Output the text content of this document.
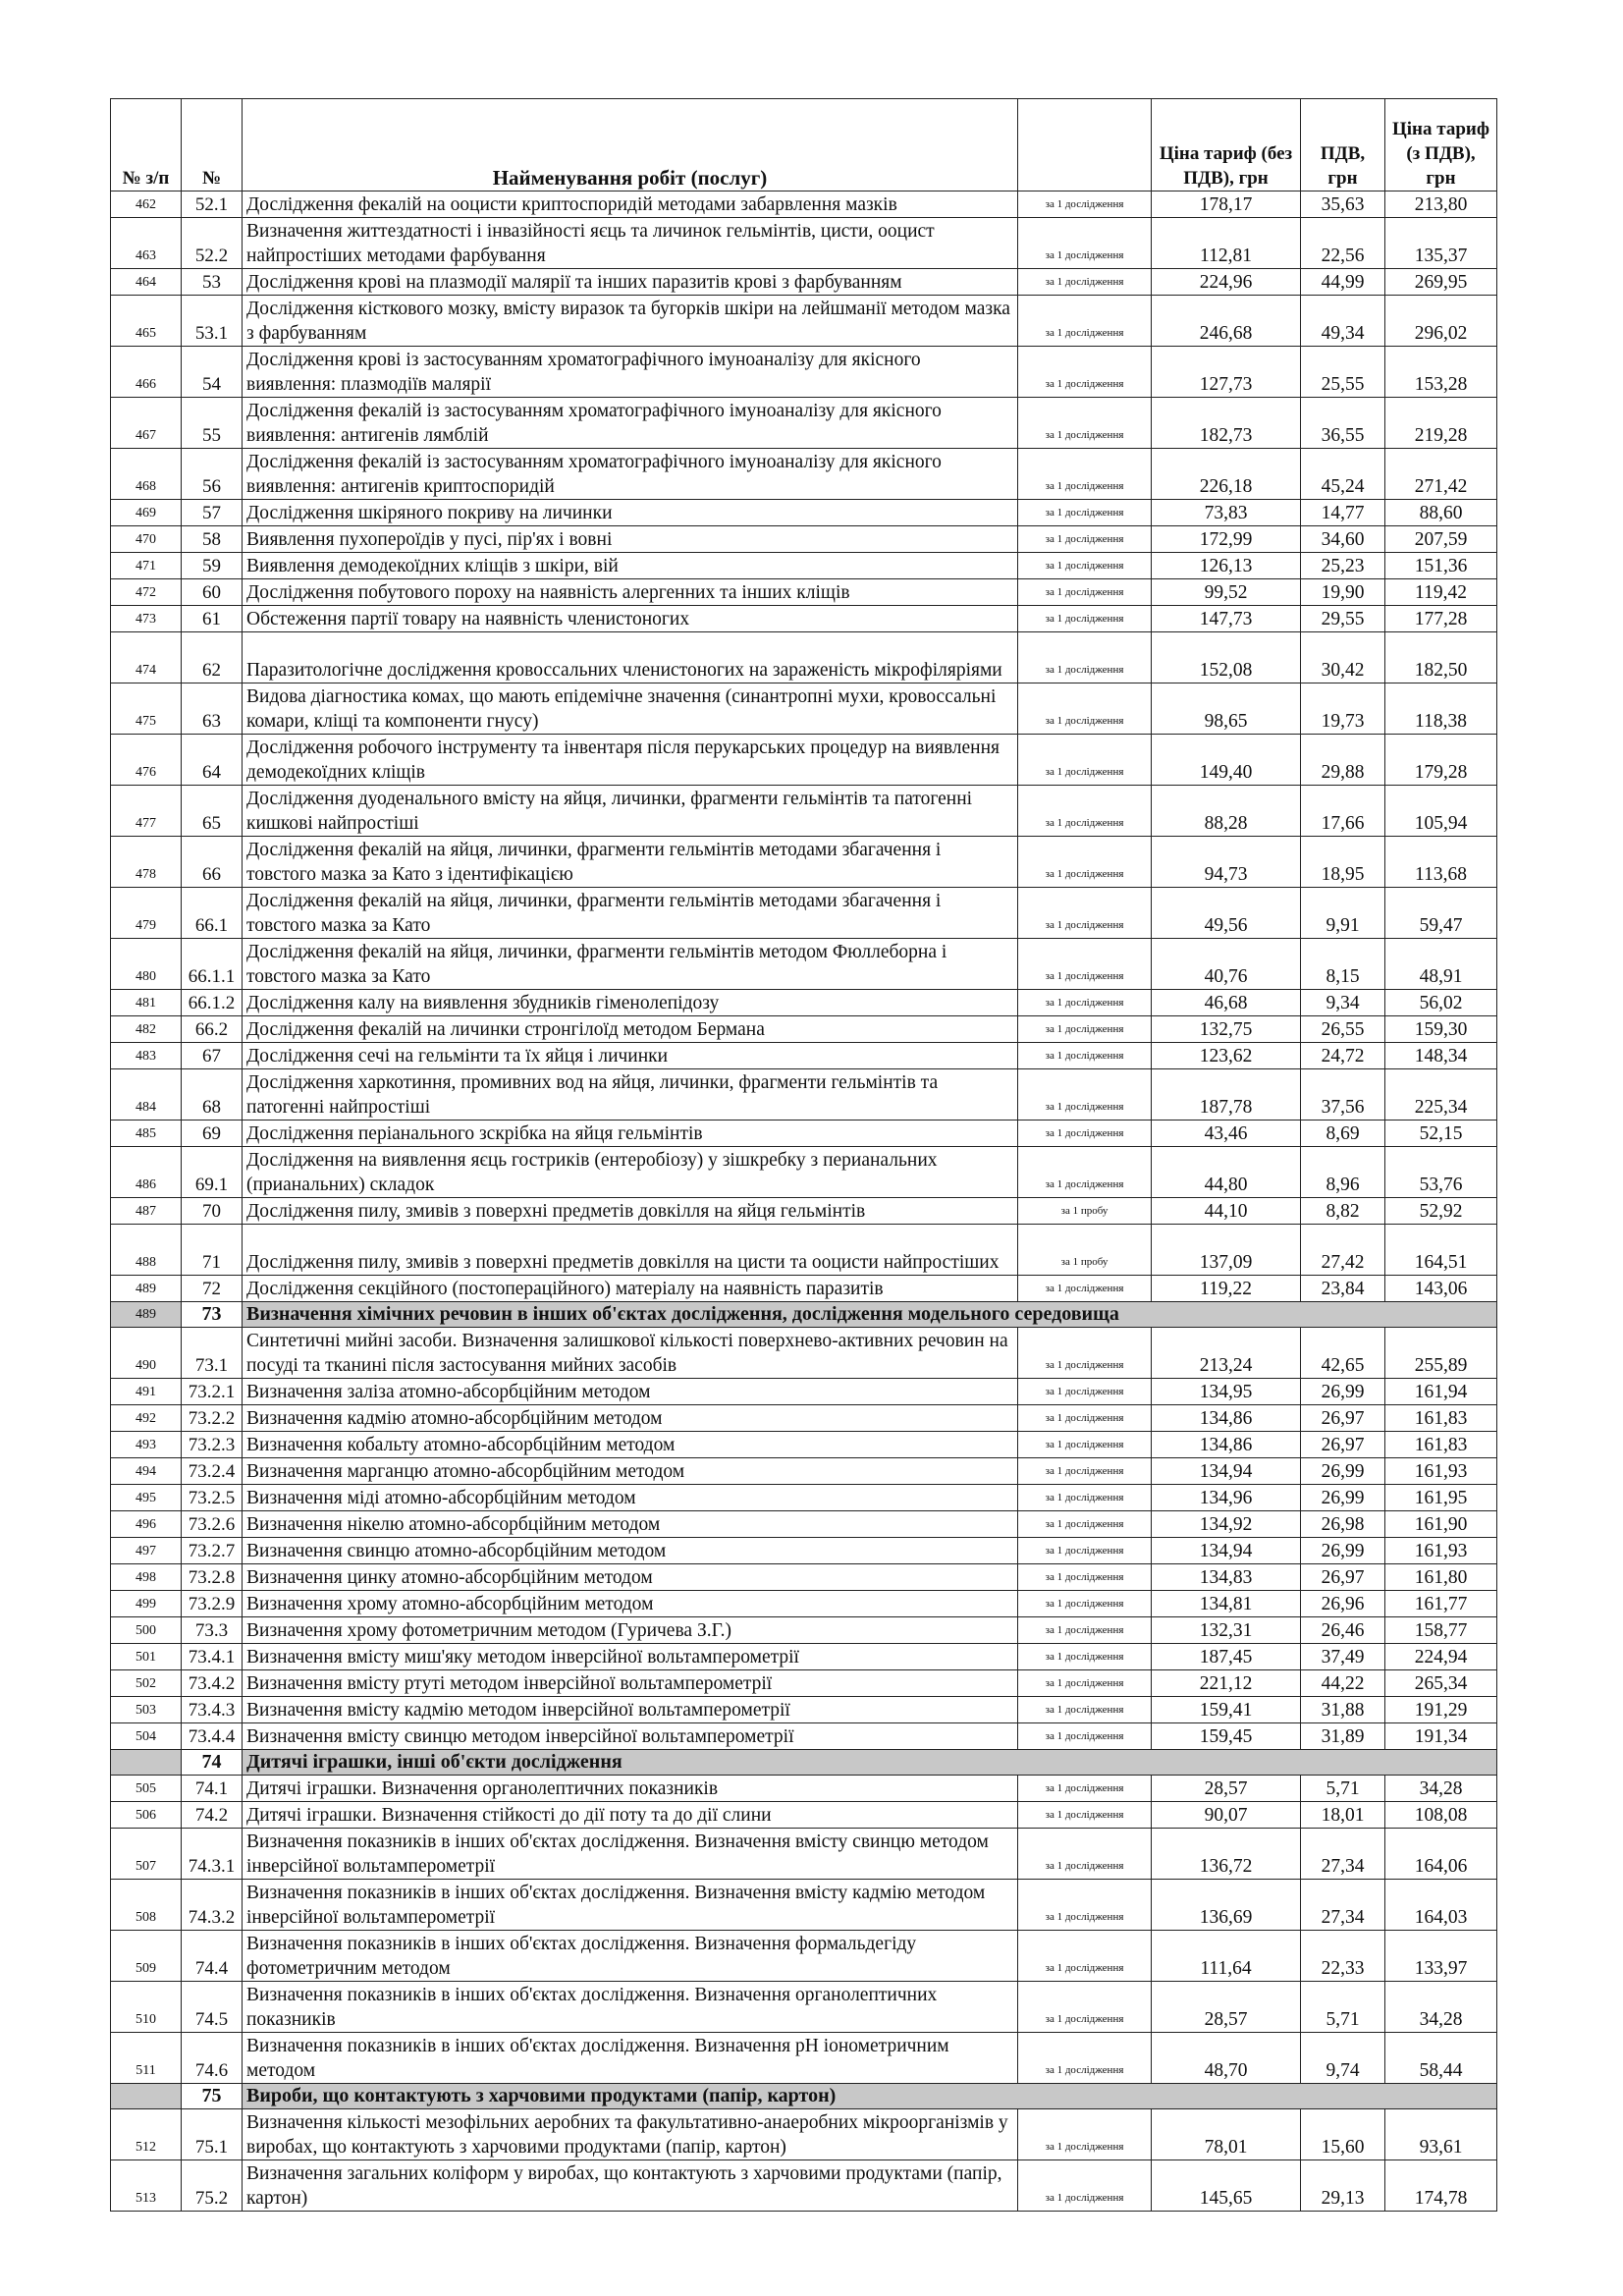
№ з/п	№	Найменування робіт (послуг)		Ціна тариф (без ПДВ), грн	ПДВ, грн	Ціна тариф (з ПДВ), грн
462	52.1	Дослідження фекалій на ооцисти криптоспоридій методами забарвлення мазків	за 1 дослідження	178,17	35,63	213,80
463	52.2	Визначення життездатності і інвазійності яєць та личинок гельмінтів, цисти, ооцист найпростіших методами фарбування	за 1 дослідження	112,81	22,56	135,37
464	53	Дослідження крові на плазмодії малярії та інших паразитів крові з фарбуванням	за 1 дослідження	224,96	44,99	269,95
465	53.1	Дослідження кісткового мозку, вмісту виразок та бугорків шкіри на лейшманії методом мазка з фарбуванням	за 1 дослідження	246,68	49,34	296,02
466	54	Дослідження крові із застосуванням хроматографічного імуноаналізу для якісного виявлення: плазмодіїв малярії	за 1 дослідження	127,73	25,55	153,28
467	55	Дослідження фекалій із застосуванням хроматографічного імуноаналізу для якісного виявлення: антигенів лямблій	за 1 дослідження	182,73	36,55	219,28
468	56	Дослідження фекалій із застосуванням хроматографічного імуноаналізу для якісного виявлення: антигенів криптоспоридій	за 1 дослідження	226,18	45,24	271,42
469	57	Дослідження шкіряного покриву на личинки	за 1 дослідження	73,83	14,77	88,60
470	58	Виявлення пухопероїдів у пусі, пір'ях і вовні	за 1 дослідження	172,99	34,60	207,59
471	59	Виявлення демодекоїдних кліщів з шкіри, вій	за 1 дослідження	126,13	25,23	151,36
472	60	Дослідження побутового пороху на наявність алергенних та інших кліщів	за 1 дослідження	99,52	19,90	119,42
473	61	Обстеження партії товару на наявність членистоногих	за 1 дослідження	147,73	29,55	177,28
474	62	Паразитологічне дослідження кровоссальних членистоногих на зараженість мікрофіляріями	за 1 дослідження	152,08	30,42	182,50
475	63	Видова діагностика комах, що мають епідемічне значення (синантропні мухи, кровоссальні комари, кліщі та компоненти гнусу)	за 1 дослідження	98,65	19,73	118,38
476	64	Дослідження робочого інструменту та інвентаря після перукарських процедур на виявлення демодекоїдних кліщів	за 1 дослідження	149,40	29,88	179,28
477	65	Дослідження дуоденального вмісту на яйця, личинки, фрагменти гельмінтів та патогенні кишкові найпростіші	за 1 дослідження	88,28	17,66	105,94
478	66	Дослідження фекалій на яйця, личинки, фрагменти гельмінтів методами збагачення і товстого мазка за Като з ідентифікацією	за 1 дослідження	94,73	18,95	113,68
479	66.1	Дослідження фекалій на яйця, личинки, фрагменти гельмінтів методами збагачення і товстого мазка за Като	за 1 дослідження	49,56	9,91	59,47
480	66.1.1	Дослідження фекалій на яйця, личинки, фрагменти гельмінтів методом Фюллеборна і товстого мазка за Като	за 1 дослідження	40,76	8,15	48,91
481	66.1.2	Дослідження калу на виявлення збудників гіменолепідозу	за 1 дослідження	46,68	9,34	56,02
482	66.2	Дослідження фекалій на личинки стронгілоїд методом Бермана	за 1 дослідження	132,75	26,55	159,30
483	67	Дослідження сечі на гельмінти та їх яйця і личинки	за 1 дослідження	123,62	24,72	148,34
484	68	Дослідження харкотиння, промивних вод на яйця, личинки, фрагменти гельмінтів та патогенні найпростіші	за 1 дослідження	187,78	37,56	225,34
485	69	Дослідження періанального зскрібка на яйця гельмінтів	за 1 дослідження	43,46	8,69	52,15
486	69.1	Дослідження на виявлення яєць гостриків (ентеробіозу) у зішкребку з перианальних (прианальних) складок	за 1 дослідження	44,80	8,96	53,76
487	70	Дослідження пилу, змивів з поверхні предметів довкілля на яйця гельмінтів	за 1 пробу	44,10	8,82	52,92
488	71	Дослідження пилу, змивів з поверхні предметів довкілля на цисти та ооцисти найпростіших	за 1 пробу	137,09	27,42	164,51
489	72	Дослідження секційного (постопераційного) матеріалу на наявність паразитів	за 1 дослідження	119,22	23,84	143,06
489	73	Визначення хімічних речовин в інших об'єктах дослідження, дослідження модельного середовища				
490	73.1	Синтетичні мийні засоби. Визначення залишкової кількості поверхнево-активних речовин на посуді та тканині після застосування мийних засобів	за 1 дослідження	213,24	42,65	255,89
491	73.2.1	Визначення заліза атомно-абсорбційним методом	за 1 дослідження	134,95	26,99	161,94
492	73.2.2	Визначення кадмію атомно-абсорбційним методом	за 1 дослідження	134,86	26,97	161,83
493	73.2.3	Визначення кобальту атомно-абсорбційним методом	за 1 дослідження	134,86	26,97	161,83
494	73.2.4	Визначення марганцю атомно-абсорбційним методом	за 1 дослідження	134,94	26,99	161,93
495	73.2.5	Визначення міді атомно-абсорбційним методом	за 1 дослідження	134,96	26,99	161,95
496	73.2.6	Визначення нікелю атомно-абсорбційним методом	за 1 дослідження	134,92	26,98	161,90
497	73.2.7	Визначення свинцю атомно-абсорбційним методом	за 1 дослідження	134,94	26,99	161,93
498	73.2.8	Визначення цинку атомно-абсорбційним методом	за 1 дослідження	134,83	26,97	161,80
499	73.2.9	Визначення хрому атомно-абсорбційним методом	за 1 дослідження	134,81	26,96	161,77
500	73.3	Визначення хрому фотометричним методом (Гуричева З.Г.)	за 1 дослідження	132,31	26,46	158,77
501	73.4.1	Визначення вмісту миш'яку методом інверсійної вольтамперометрії	за 1 дослідження	187,45	37,49	224,94
502	73.4.2	Визначення вмісту ртуті методом інверсійної вольтамперометрії	за 1 дослідження	221,12	44,22	265,34
503	73.4.3	Визначення вмісту кадмію методом інверсійної вольтамперометрії	за 1 дослідження	159,41	31,88	191,29
504	73.4.4	Визначення вмісту свинцю методом інверсійної вольтамперометрії	за 1 дослідження	159,45	31,89	191,34
	74	Дитячі іграшки, інші об'єкти дослідження				
505	74.1	Дитячі іграшки. Визначення органолептичних показників	за 1 дослідження	28,57	5,71	34,28
506	74.2	Дитячі іграшки. Визначення стійкості до дії поту та до дії слини	за 1 дослідження	90,07	18,01	108,08
507	74.3.1	Визначення показників в інших об'єктах дослідження. Визначення вмісту свинцю методом інверсійної вольтамперометрії	за 1 дослідження	136,72	27,34	164,06
508	74.3.2	Визначення показників в інших об'єктах дослідження. Визначення вмісту кадмію методом інверсійної вольтамперометрії	за 1 дослідження	136,69	27,34	164,03
509	74.4	Визначення показників в інших об'єктах дослідження. Визначення формальдегіду фотометричним методом	за 1 дослідження	111,64	22,33	133,97
510	74.5	Визначення показників в інших об'єктах дослідження. Визначення органолептичних показників	за 1 дослідження	28,57	5,71	34,28
511	74.6	Визначення показників в інших об'єктах дослідження. Визначення рН іонометричним методом	за 1 дослідження	48,70	9,74	58,44
	75	Вироби, що контактують з харчовими продуктами (папір, картон)				
512	75.1	Визначення кількості мезофільних аеробних та факультативно-анаеробних мікроорганізмів у виробах, що контактують з харчовими продуктами (папір, картон)	за 1 дослідження	78,01	15,60	93,61
513	75.2	Визначення загальних коліформ у виробах, що контактують з харчовими продуктами (папір, картон)	за 1 дослідження	145,65	29,13	174,78
